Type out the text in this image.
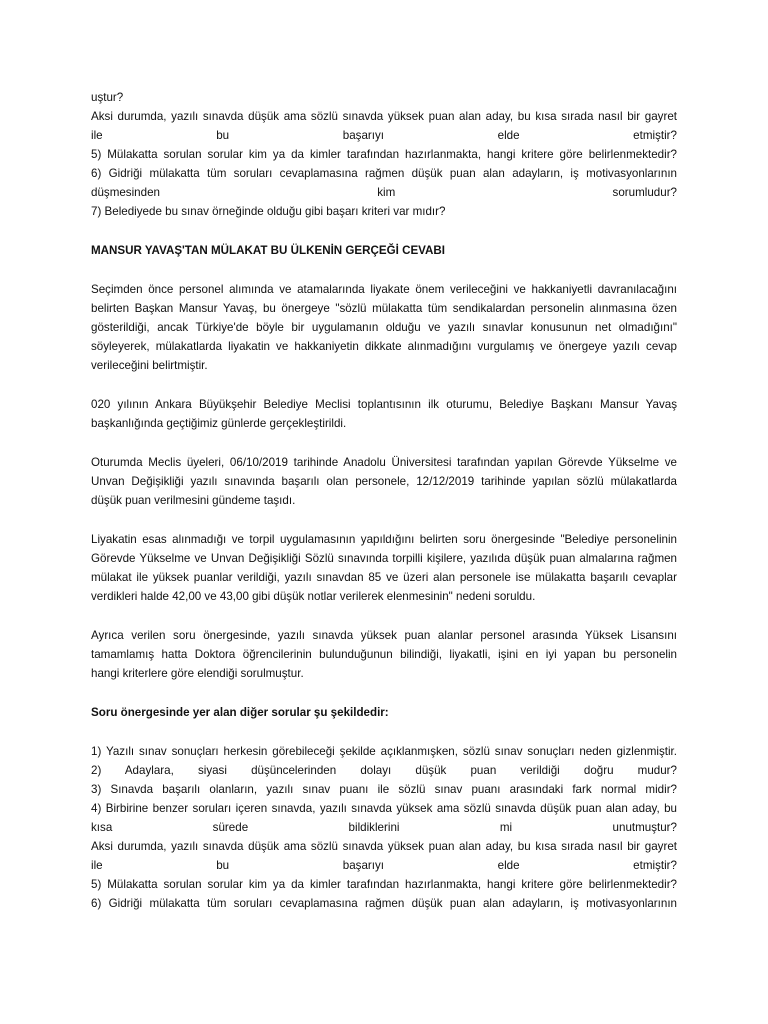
uştur?
Aksi durumda, yazılı sınavda düşük ama sözlü sınavda yüksek puan alan aday, bu kısa sırada nasıl bir gayret
ile bu başarıyı elde etmiştir?
5) Mülakatta sorulan sorular kim ya da kimler tarafından hazırlanmakta, hangi kritere göre belirlenmektedir?
6) Gidriği mülakatta tüm soruları cevaplamasına rağmen düşük puan alan adayların, iş motivasyonlarının
düşmesinden kim sorumludur?
7) Belediyede bu sınav örneğinde olduğu gibi başarı kriteri var mıdır?
MANSUR YAVAŞ'TAN MÜLAKAT BU ÜLKENİN GERÇEĞİ CEVABI
Seçimden önce personel alımında ve atamalarında liyakate önem verileceğini ve hakkaniyetli davranılacağını
belirten Başkan Mansur Yavaş, bu önergeye "sözlü mülakatta tüm sendikalardan personelin alınmasına özen
gösterildiği, ancak Türkiye'de böyle bir uygulamanın olduğu ve yazılı sınavlar konusunun net olmadığını"
söyleyerek, mülakatlarda liyakatin ve hakkaniyetin dikkate alınmadığını vurgulamış ve önergeye yazılı cevap
verileceğini belirtmiştir.
020 yılının Ankara Büyükşehir Belediye Meclisi toplantısının ilk oturumu, Belediye Başkanı Mansur Yavaş
başkanlığında geçtiğimiz günlerde gerçekleştirildi.
Oturumda Meclis üyeleri, 06/10/2019 tarihinde Anadolu Üniversitesi tarafından yapılan Görevde Yükselme ve
Unvan Değişikliği yazılı sınavında başarılı olan personele, 12/12/2019 tarihinde yapılan sözlü mülakatlarda
düşük puan verilmesini gündeme taşıdı.
Liyakatin esas alınmadığı ve torpil uygulamasının yapıldığını belirten soru önergesinde "Belediye personelinin
Görevde Yükselme ve Unvan Değişikliği Sözlü sınavında torpilli kişilere, yazılıda düşük puan almalarına rağmen
mülakat ile yüksek puanlar verildiği, yazılı sınavdan 85 ve üzeri alan personele ise mülakatta başarılı cevaplar
verdikleri halde 42,00 ve 43,00 gibi düşük notlar verilerek elenmesinin" nedeni soruldu.
Ayrıca verilen soru önergesinde, yazılı sınavda yüksek puan alanlar personel arasında Yüksek Lisansını
tamamlamış hatta Doktora öğrencilerinin bulunduğunun bilindiği, liyakatli, işini en iyi yapan bu personelin
hangi kriterlere göre elendiği sorulmuştur.
Soru önergesinde yer alan diğer sorular şu şekildedir:
1) Yazılı sınav sonuçları herkesin görebileceği şekilde açıklanmışken, sözlü sınav sonuçları neden gizlenmiştir.
2) Adaylara, siyasi düşüncelerinden dolayı düşük puan verildiği doğru mudur?
3) Sınavda başarılı olanların, yazılı sınav puanı ile sözlü sınav puanı arasındaki fark normal midir?
4) Birbirine benzer soruları içeren sınavda, yazılı sınavda yüksek ama sözlü sınavda düşük puan alan aday, bu
kısa sürede bildiklerini mi unutmuştur?
Aksi durumda, yazılı sınavda düşük ama sözlü sınavda yüksek puan alan aday, bu kısa sırada nasıl bir gayret
ile bu başarıyı elde etmiştir?
5) Mülakatta sorulan sorular kim ya da kimler tarafından hazırlanmakta, hangi kritere göre belirlenmektedir?
6) Gidriği mülakatta tüm soruları cevaplamasına rağmen düşük puan alan adayların, iş motivasyonlarının
